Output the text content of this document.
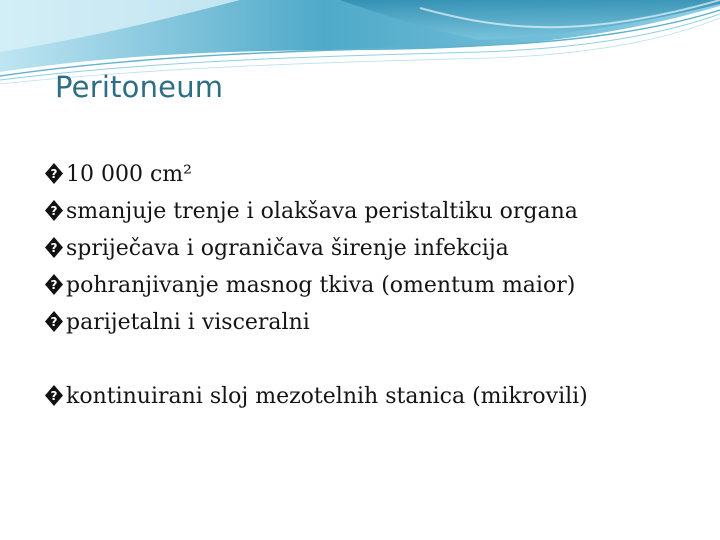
Peritoneum
? 10 000 cm²
? smanjuje trenje i olakšava peristaltiku organa
? spriječava i ograničava širenje infekcija
? pohranjivanje masnog tkiva (omentum maior)
? parijetalni i visceralni
? kontinuirani sloj mezotelnih stanica (mikrovili)
